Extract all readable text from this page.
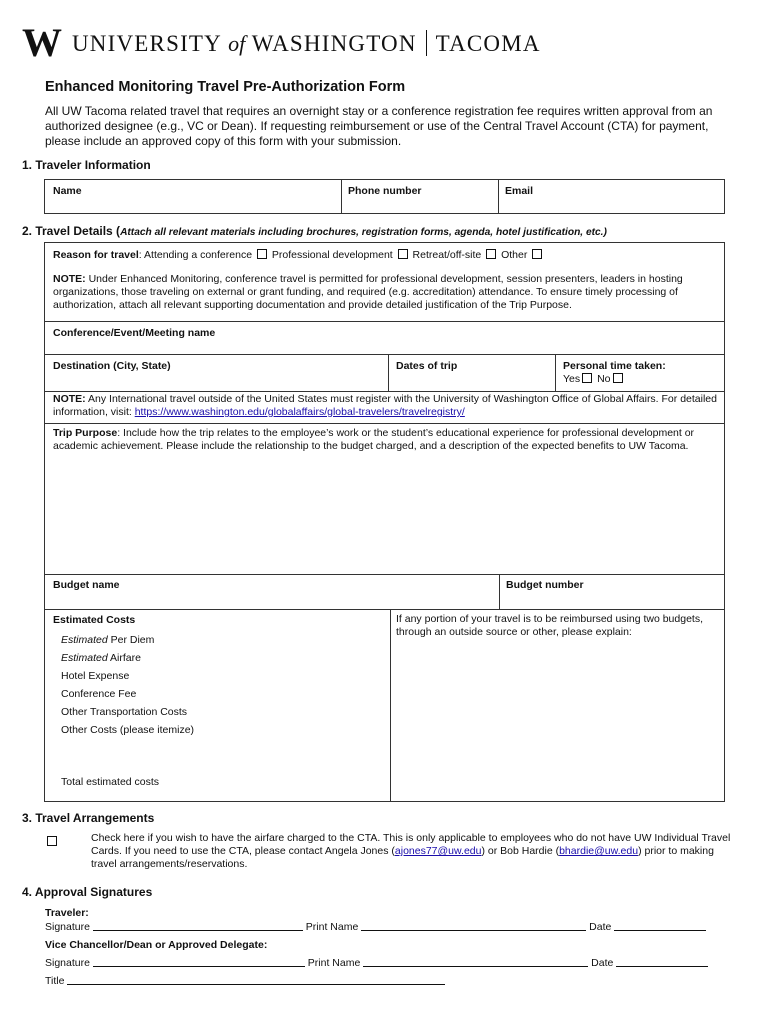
W UNIVERSITY of WASHINGTON TACOMA
Enhanced Monitoring Travel Pre-Authorization Form
All UW Tacoma related travel that requires an overnight stay or a conference registration fee requires written approval from an authorized designee (e.g., VC or Dean). If requesting reimbursement or use of the Central Travel Account (CTA) for payment, please include an approved copy of this form with your submission.
1. Traveler Information
Name	Phone number	Email
2. Travel Details (Attach all relevant materials including brochures, registration forms, agenda, hotel justification, etc.)
Reason for travel: Attending a conference Professional development Retreat/off-site Other
NOTE: Under Enhanced Monitoring, conference travel is permitted for professional development, session presenters, leaders in hosting organizations, those traveling on external or grant funding, and required (e.g. accreditation) attendance. To ensure timely processing of authorization, attach all relevant supporting documentation and provide detailed justification of the Trip Purpose.
Conference/Event/Meeting name
Destination (City, State)	Dates of trip	Personal time taken:
Yes No
NOTE: Any International travel outside of the United States must register with the University of Washington Office of Global Affairs. For detailed information, visit: https://www.washington.edu/globalaffairs/global-travelers/travelregistry/
Trip Purpose: Include how the trip relates to the employee’s work or the student’s educational experience for professional development or academic achievement. Please include the relationship to the budget charged, and a description of the expected benefits to UW Tacoma.
Budget name	Budget number
Estimated Costs
Estimated Per Diem
Estimated Airfare
Hotel Expense
Conference Fee
Other Transportation Costs
Other Costs (please itemize)
Total estimated costs
If any portion of your travel is to be reimbursed using two budgets, through an outside source or other, please explain:
3. Travel Arrangements
Check here if you wish to have the airfare charged to the CTA. This is only applicable to employees who do not have UW Individual Travel Cards. If you need to use the CTA, please contact Angela Jones (ajones77@uw.edu) or Bob Hardie (bhardie@uw.edu) prior to making travel arrangements/reservations.
4. Approval Signatures
Traveler:
Signature	Print Name	Date
Vice Chancellor/Dean or Approved Delegate:
Signature	Print Name	Date
Title
